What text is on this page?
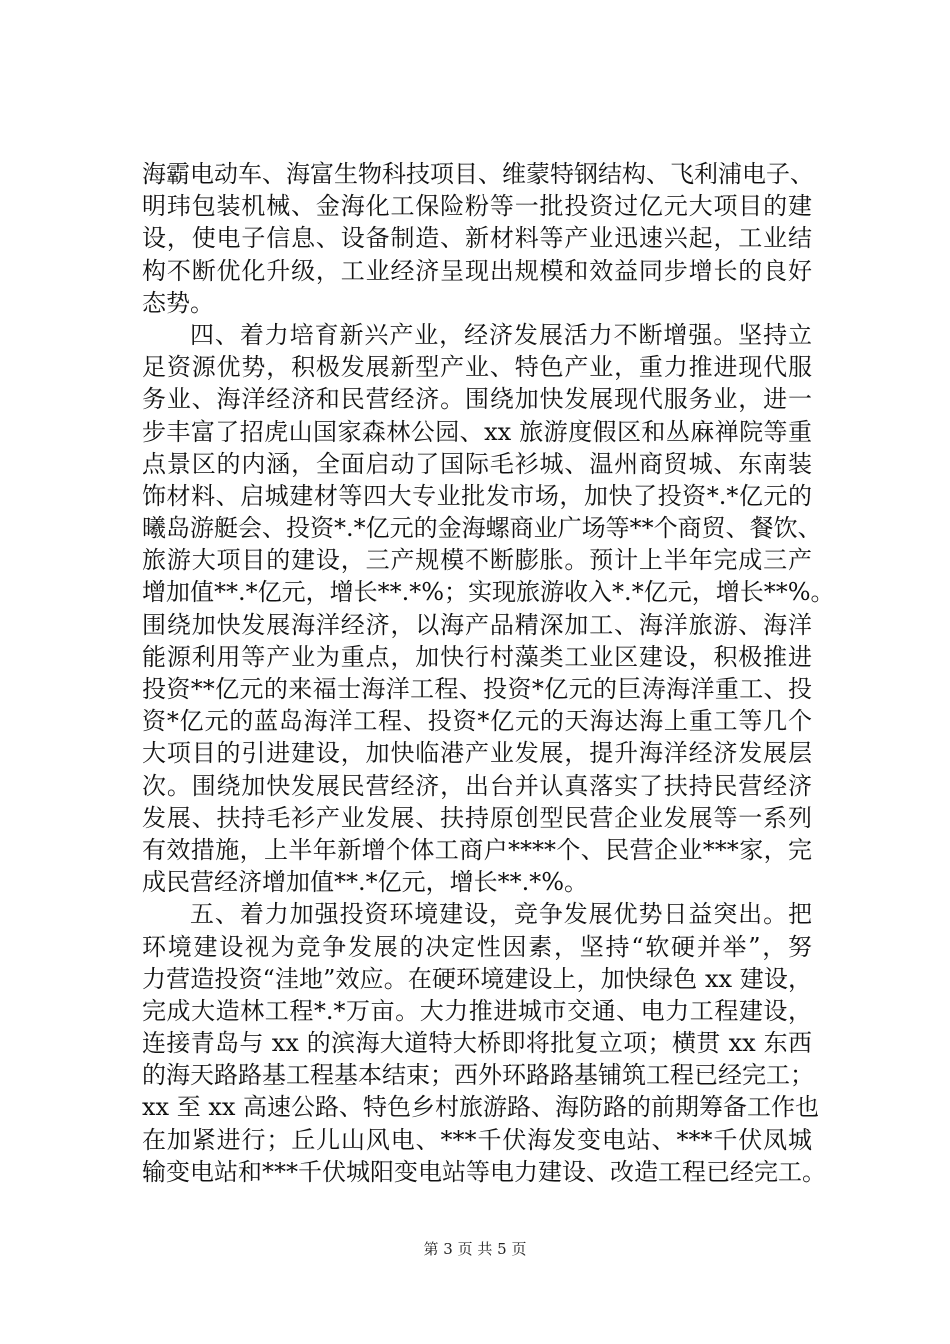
海霸电动车、海富生物科技项目、维蒙特钢结构、飞利浦电子、
明玮包装机械、金海化工保险粉等一批投资过亿元大项目的建
设，使电子信息、设备制造、新材料等产业迅速兴起，工业结
构不断优化升级，工业经济呈现出规模和效益同步增长的良好
态势。
四、着力培育新兴产业，经济发展活力不断增强。坚持立
足资源优势，积极发展新型产业、特色产业，重力推进现代服
务业、海洋经济和民营经济。围绕加快发展现代服务业，进一
步丰富了招虎山国家森林公园、xx 旅游度假区和丛麻禅院等重
点景区的内涵，全面启动了国际毛衫城、温州商贸城、东南装
饰材料、启城建材等四大专业批发市场，加快了投资*.*亿元的
曦岛游艇会、投资*.*亿元的金海螺商业广场等**个商贸、餐饮、
旅游大项目的建设，三产规模不断膨胀。预计上半年完成三产
增加值**.*亿元，增长**.*%；实现旅游收入*.*亿元，增长**%。
围绕加快发展海洋经济，以海产品精深加工、海洋旅游、海洋
能源利用等产业为重点，加快行村藻类工业区建设，积极推进
投资**亿元的来福士海洋工程、投资*亿元的巨涛海洋重工、投
资*亿元的蓝岛海洋工程、投资*亿元的天海达海上重工等几个
大项目的引进建设，加快临港产业发展，提升海洋经济发展层
次。围绕加快发展民营经济，出台并认真落实了扶持民营经济
发展、扶持毛衫产业发展、扶持原创型民营企业发展等一系列
有效措施，上半年新增个体工商户****个、民营企业***家，完
成民营经济增加值**.*亿元，增长**.*%。
五、着力加强投资环境建设，竞争发展优势日益突出。把
环境建设视为竞争发展的决定性因素，坚持“软硬并举”，努
力营造投资“洼地”效应。在硬环境建设上，加快绿色 xx 建设，
完成大造林工程*.*万亩。大力推进城市交通、电力工程建设，
连接青岛与 xx 的滨海大道特大桥即将批复立项；横贯 xx 东西
的海天路路基工程基本结束；西外环路路基铺筑工程已经完工；
xx 至 xx 高速公路、特色乡村旅游路、海防路的前期筹备工作也
在加紧进行；丘儿山风电、***千伏海发变电站、***千伏凤城
输变电站和***千伏城阳变电站等电力建设、改造工程已经完工。
第 3 页 共 5 页
